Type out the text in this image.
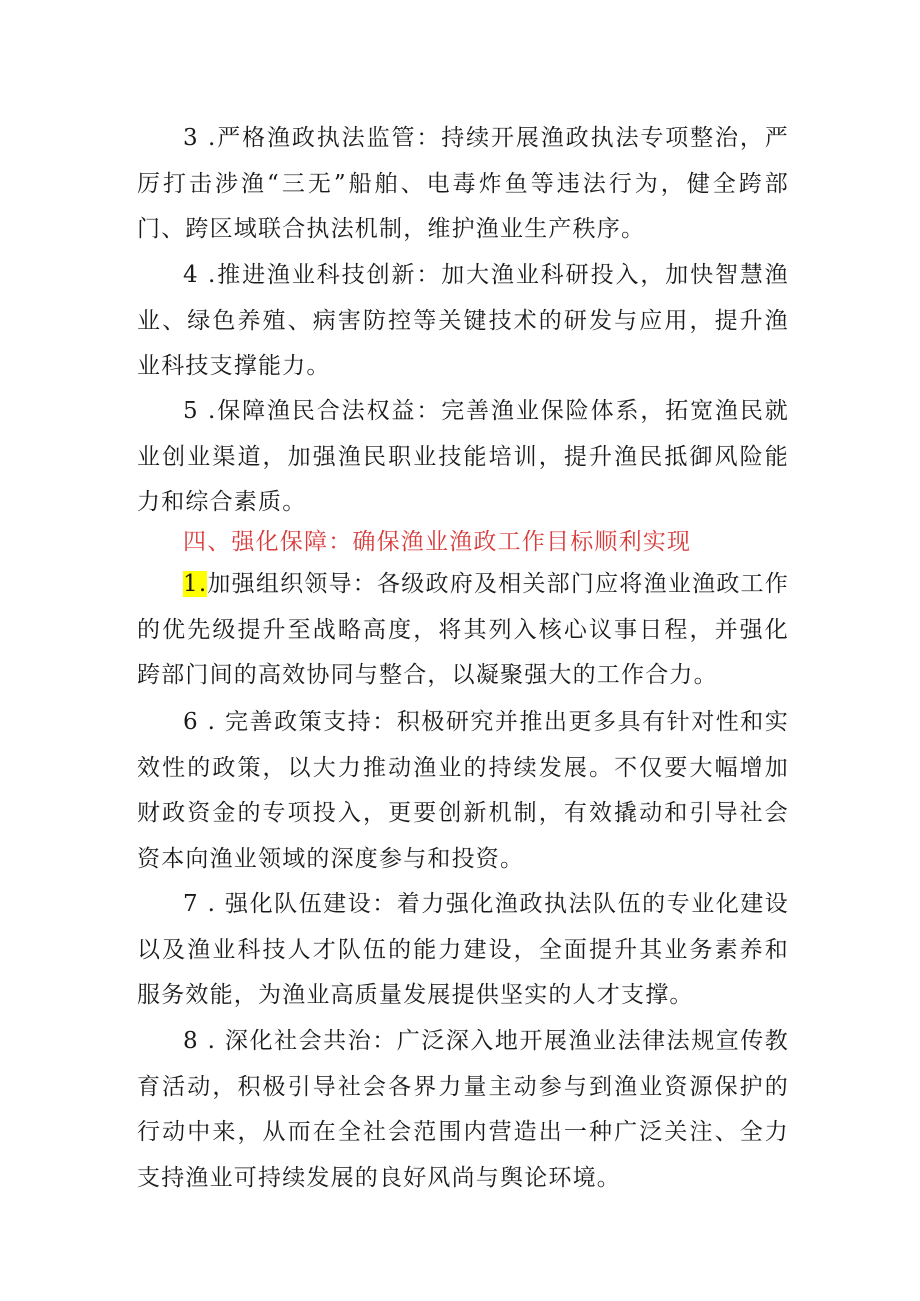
3 .严格渔政执法监管：持续开展渔政执法专项整治，严厉打击涉渔“三无”船舶、电毒炸鱼等违法行为，健全跨部门、跨区域联合执法机制，维护渔业生产秩序。

4 .推进渔业科技创新：加大渔业科研投入，加快智慧渔业、绿色养殖、病害防控等关键技术的研发与应用，提升渔业科技支撑能力。

5 .保障渔民合法权益：完善渔业保险体系，拓宽渔民就业创业渠道，加强渔民职业技能培训，提升渔民抵御风险能力和综合素质。

四、强化保障：确保渔业渔政工作目标顺利实现

1.加强组织领导：各级政府及相关部门应将渔业渔政工作的优先级提升至战略高度，将其列入核心议事日程，并强化跨部门间的高效协同与整合，以凝聚强大的工作合力。

6 . 完善政策支持：积极研究并推出更多具有针对性和实效性的政策，以大力推动渔业的持续发展。不仅要大幅增加财政资金的专项投入，更要创新机制，有效撬动和引导社会资本向渔业领域的深度参与和投资。

7 . 强化队伍建设：着力强化渔政执法队伍的专业化建设以及渔业科技人才队伍的能力建设，全面提升其业务素养和服务效能，为渔业高质量发展提供坚实的人才支撑。

8 . 深化社会共治：广泛深入地开展渔业法律法规宣传教育活动，积极引导社会各界力量主动参与到渔业资源保护的行动中来，从而在全社会范围内营造出一种广泛关注、全力支持渔业可持续发展的良好风尚与舆论环境。
